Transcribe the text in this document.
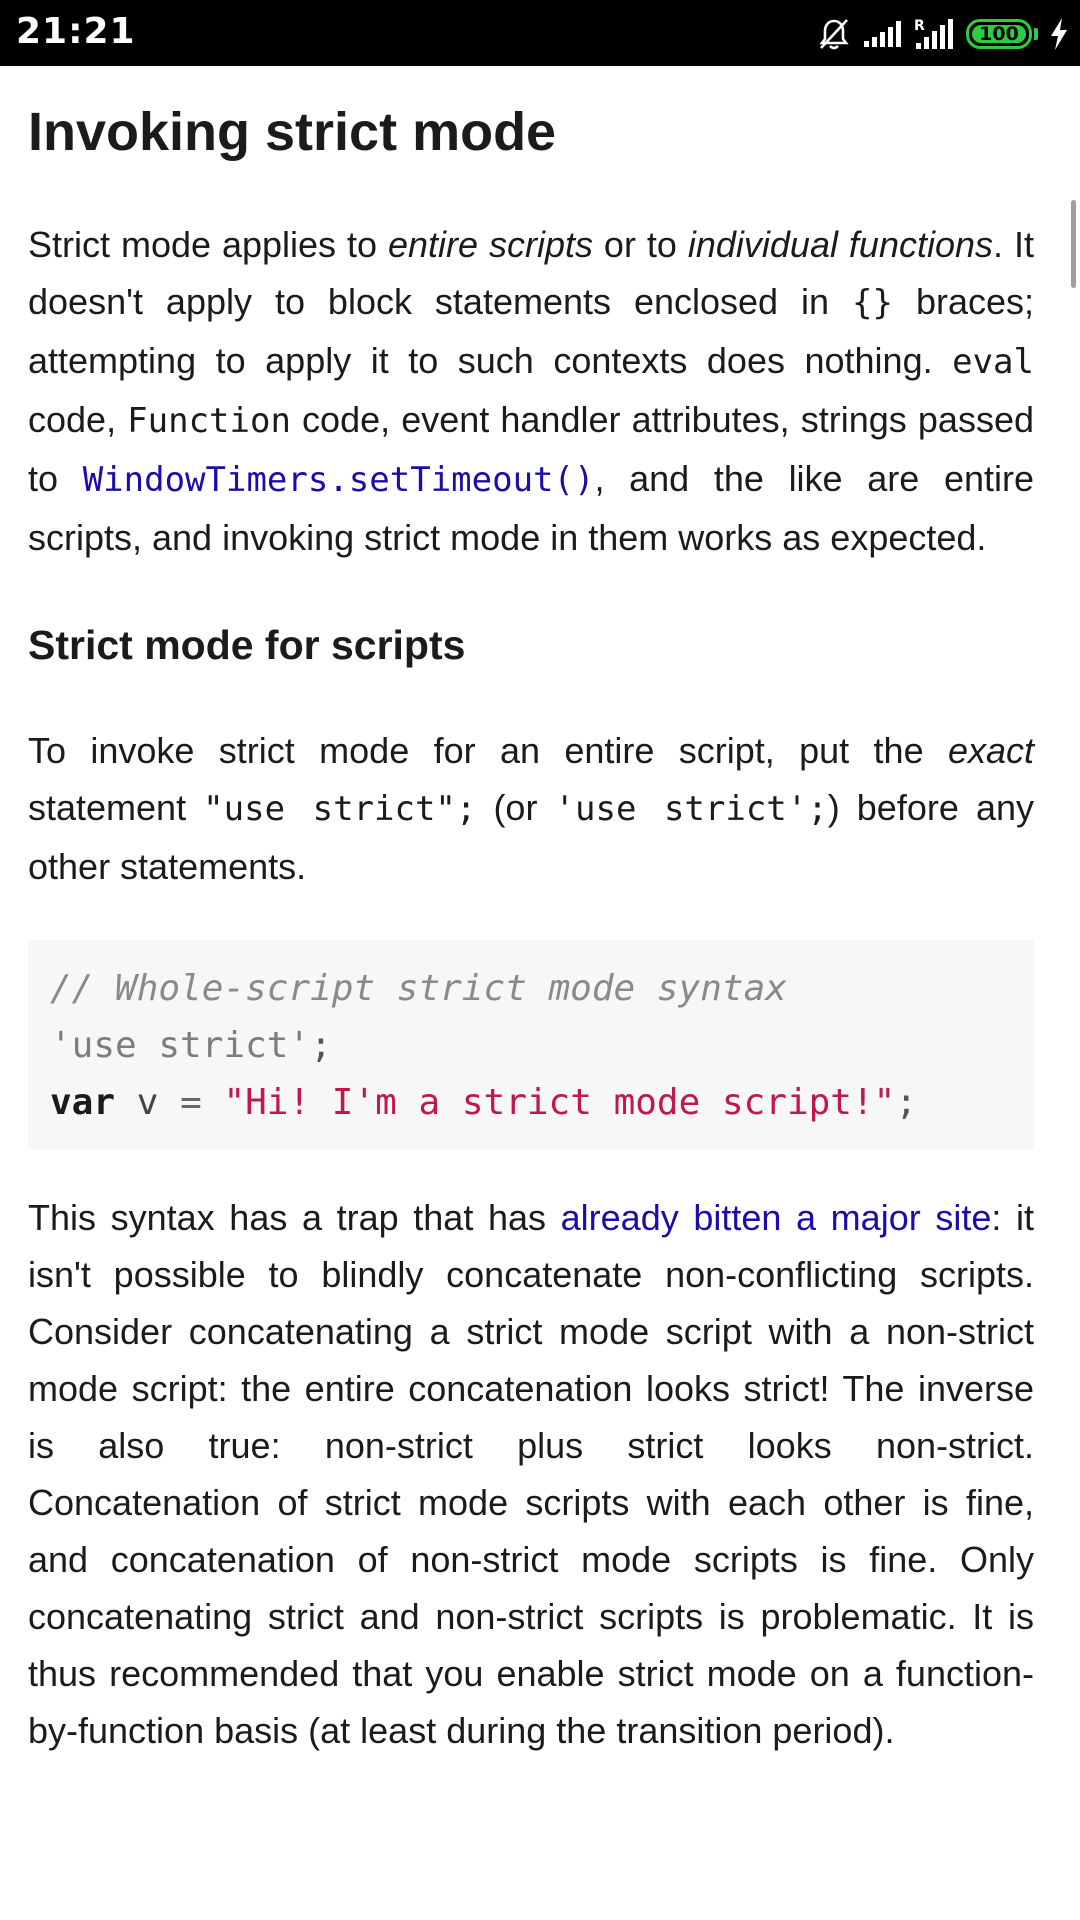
21:21	R	100
Invoking strict mode

Strict mode applies to entire scripts or to individual functions. It doesn't apply to block statements enclosed in {} braces; attempting to apply it to such contexts does nothing. eval code, Function code, event handler attributes, strings passed to WindowTimers.setTimeout(), and the like are entire scripts, and invoking strict mode in them works as expected.

Strict mode for scripts

To invoke strict mode for an entire script, put the exact statement "use strict"; (or 'use strict';) before any other statements.

// Whole-script strict mode syntax
'use strict';
var v = "Hi! I'm a strict mode script!";

This syntax has a trap that has already bitten a major site: it isn't possible to blindly concatenate non-conflicting scripts. Consider concatenating a strict mode script with a non-strict mode script: the entire concatenation looks strict! The inverse is also true: non-strict plus strict looks non-strict. Concatenation of strict mode scripts with each other is fine, and concatenation of non-strict mode scripts is fine. Only concatenating strict and non-strict scripts is problematic. It is thus recommended that you enable strict mode on a function-by-function basis (at least during the transition period).
